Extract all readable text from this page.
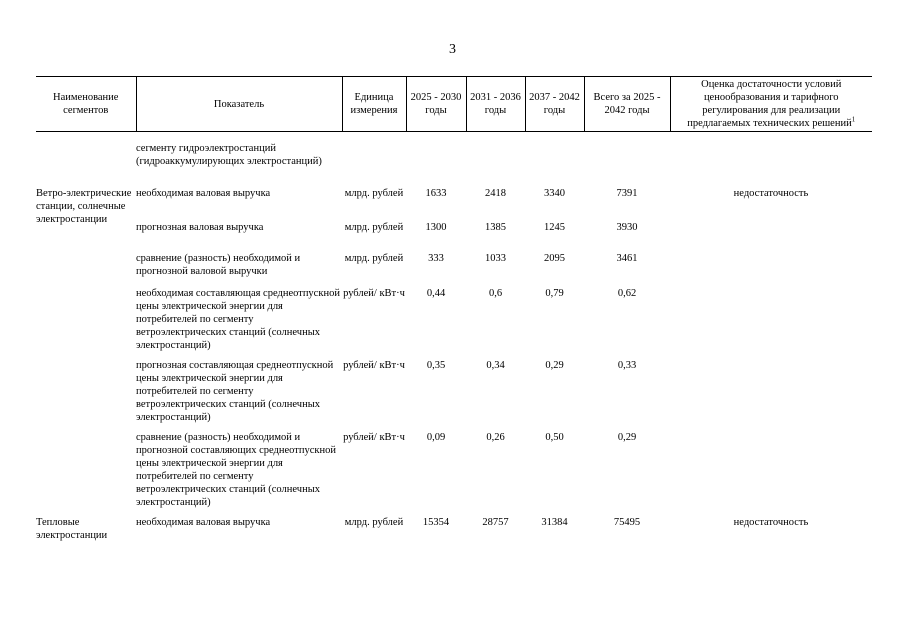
3
Наименование сегментов	Показатель	Единица измерения	2025 - 2030 годы	2031 - 2036 годы	2037 - 2042 годы	Всего за 2025 - 2042 годы	Оценка достаточности условий ценообразования и тарифного регулирования для реализации предлагаемых технических решений$^1$
	сегменту гидроэлектростанций (гидроаккумулирующих электростанций)						
Ветро-электрические станции, солнечные электростанции	необходимая валовая выручка	млрд. рублей	1633	2418	3340	7391	недостаточность
	прогнозная валовая выручка	млрд. рублей	1300	1385	1245	3930	
	сравнение (разность) необходимой и прогнозной валовой выручки	млрд. рублей	333	1033	2095	3461	
	необходимая составляющая среднеотпускной цены электрической энергии для потребителей по сегменту ветроэлектрических станций (солнечных электростанций)	рублей/ кВт·ч	0,44	0,6	0,79	0,62	
	прогнозная составляющая среднеотпускной цены электрической энергии для потребителей по сегменту ветроэлектрических станций (солнечных электростанций)	рублей/ кВт·ч	0,35	0,34	0,29	0,33	
	сравнение (разность) необходимой и прогнозной составляющих среднеотпускной цены электрической энергии для потребителей по сегменту ветроэлектрических станций (солнечных электростанций)	рублей/ кВт·ч	0,09	0,26	0,50	0,29	
Тепловые электростанции	необходимая валовая выручка	млрд. рублей	15354	28757	31384	75495	недостаточность
